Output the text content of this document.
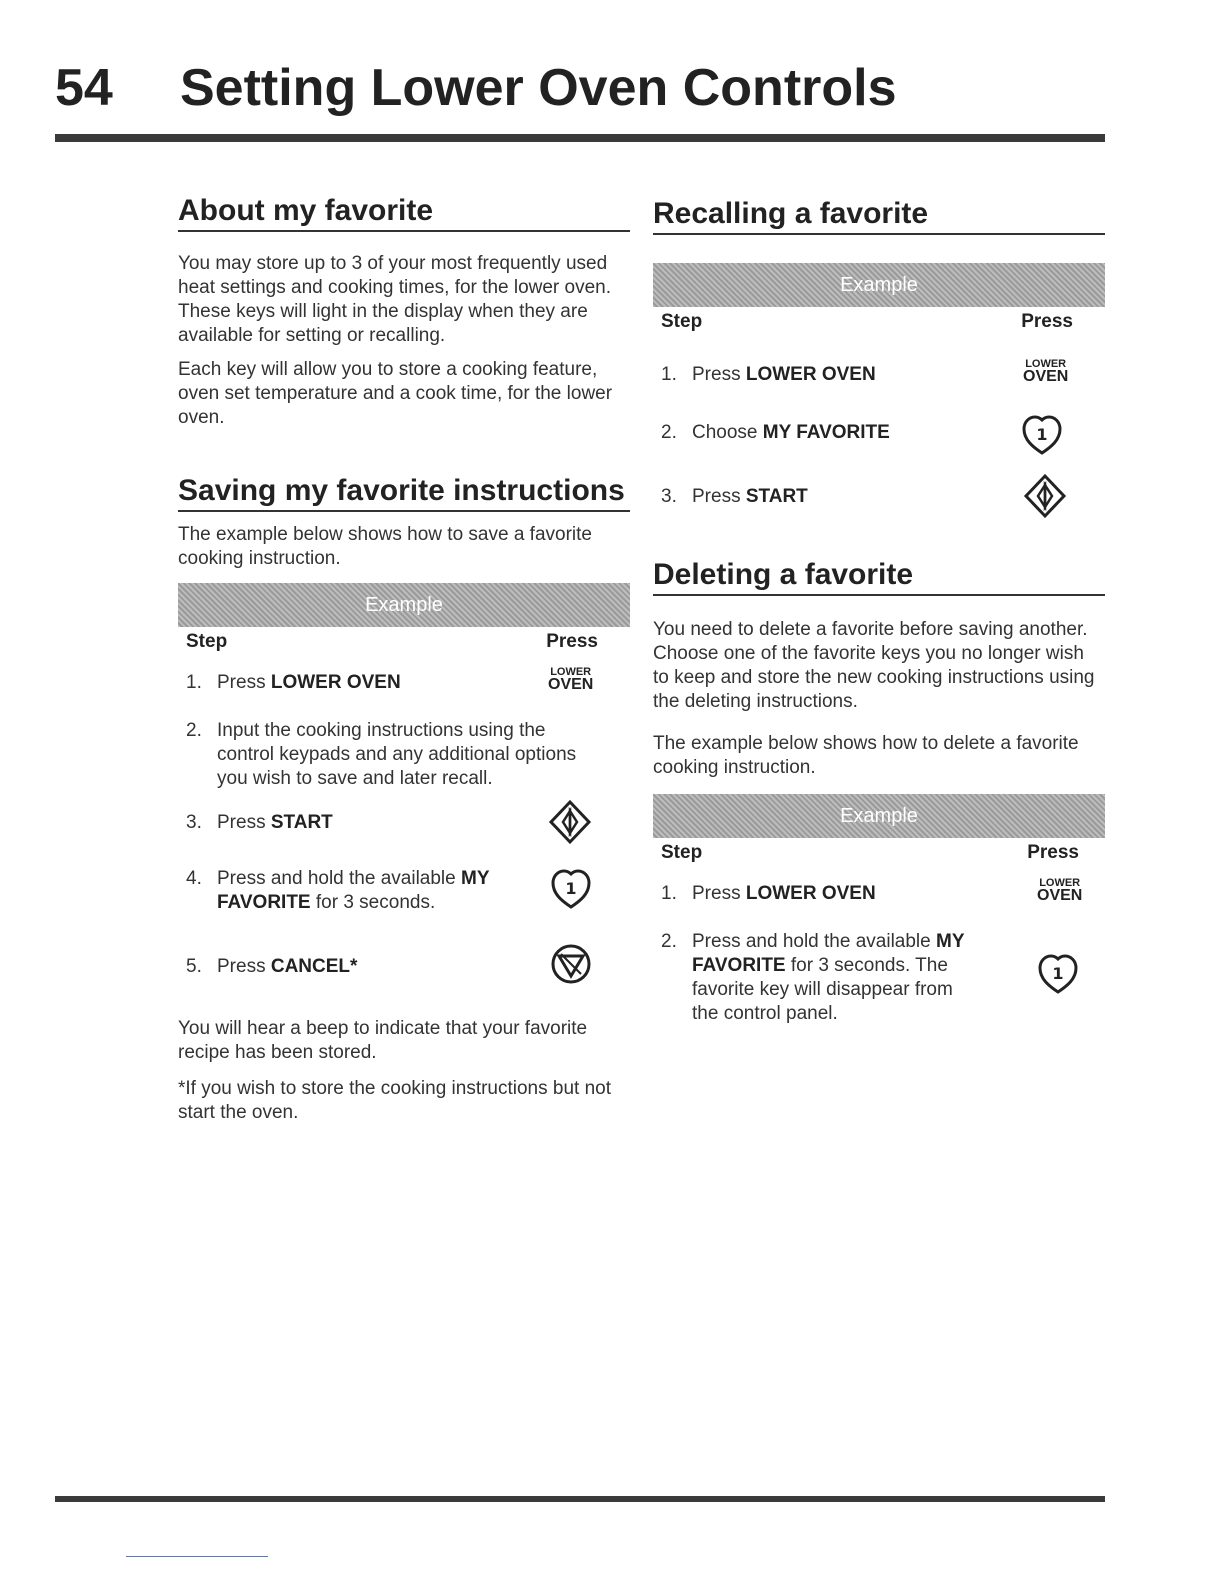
54 Setting Lower Oven Controls
About my favorite

You may store up to 3 of your most frequently used heat settings and cooking times, for the lower oven. These keys will light in the display when they are available for setting or recalling.

Each key will allow you to store a cooking feature, oven set temperature and a cook time, for the lower oven.

Saving my favorite instructions

The example below shows how to save a favorite cooking instruction.

Example
Step	Press
1. Press LOWER OVEN	LOWER
OVEN
2. Input the cooking instructions using the control keypads and any additional options you wish to save and later recall.
3. Press START
4. Press and hold the available MY FAVORITE for 3 seconds.
1
5. Press CANCEL*

You will hear a beep to indicate that your favorite recipe has been stored.

*If you wish to store the cooking instructions but not start the oven.

Recalling a favorite
Example
Step	Press
1. Press LOWER OVEN	LOWER
OVEN
2. Choose MY FAVORITE	1
3. Press START
Deleting a favorite

You need to delete a favorite before saving another. Choose one of the favorite keys you no longer wish to keep and store the new cooking instructions using the deleting instructions.

The example below shows how to delete a favorite cooking instruction.

Example
Step	Press
1. Press LOWER OVEN	LOWER
OVEN
2. Press and hold the available MY FAVORITE for 3 seconds. The favorite key will disappear from the control panel.
1
